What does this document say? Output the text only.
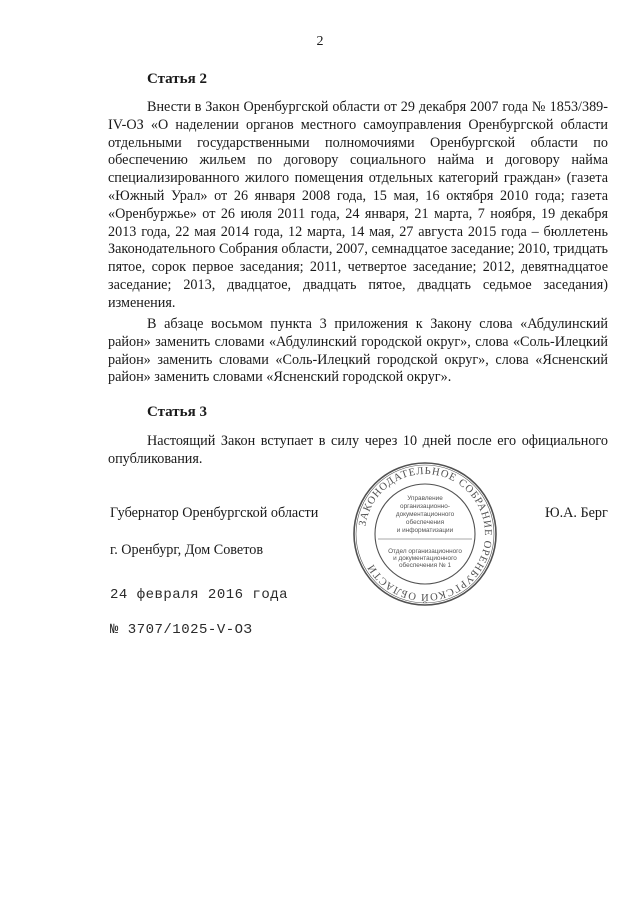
2
Статья 2

Внести в Закон Оренбургской области от 29 декабря 2007 года № 1853/389-IV-ОЗ «О наделении органов местного самоуправления Оренбургской области отдельными государственными полномочиями Оренбургской области по обеспечению жильем по договору социального найма и договору найма специализированного жилого помещения отдельных категорий граждан» (газета «Южный Урал» от 26 января 2008 года, 15 мая, 16 октября 2010 года; газета «Оренбуржье» от 26 июля 2011 года, 24 января, 21 марта, 7 ноября, 19 декабря 2013 года, 22 мая 2014 года, 12 марта, 14 мая, 27 августа 2015 года – бюллетень Законодательного Собрания области, 2007, семнадцатое заседание; 2010, тридцать пятое, сорок первое заседания; 2011, четвертое заседание; 2012, девятнадцатое заседание; 2013, двадцатое, двадцать пятое, двадцать седьмое заседания) изменения.

В абзаце восьмом пункта 3 приложения к Закону слова «Абдулинский район» заменить словами «Абдулинский городской округ», слова «Соль-Илецкий район» заменить словами «Соль-Илецкий городской округ», слова «Ясненский район» заменить словами «Ясненский городской округ».

Статья 3

Настоящий Закон вступает в силу через 10 дней после его официального опубликования.

Губернатор Оренбургской области	Ю.А. Берг
г. Оренбург, Дом Советов
24 февраля 2016 года
№ 3707/1025-V-ОЗ
ЗАКОНОДАТЕЛЬНОЕ СОБРАНИЕ ОРЕНБУРГСКОЙ ОБЛАСТИ
Управление
организационно-
документационного
обеспечения
и информатизации
Отдел организационного
и документационного
обеспечения № 1
